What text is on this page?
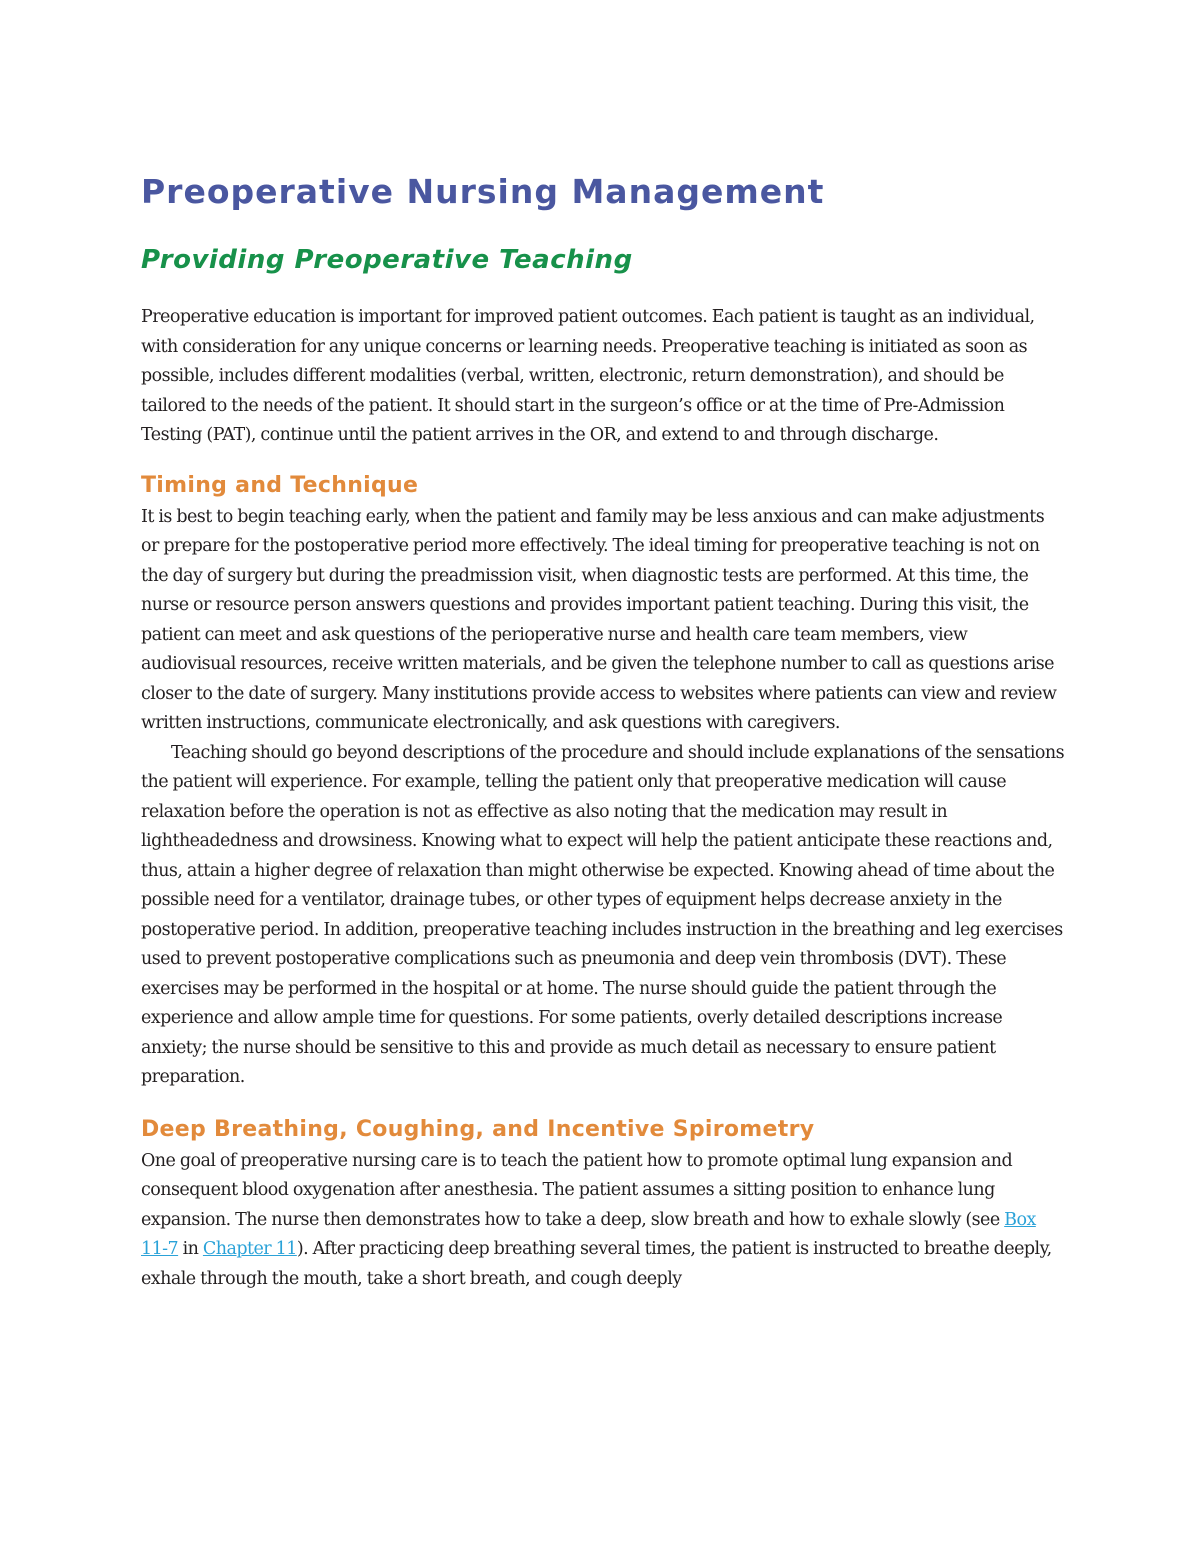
Preoperative Nursing Management
Providing Preoperative Teaching

Preoperative education is important for improved patient outcomes. Each patient is taught as an individual, with consideration for any unique concerns or learning needs. Preoperative teaching is initiated as soon as possible, includes different modalities (verbal, written, electronic, return demonstration), and should be tailored to the needs of the patient. It should start in the surgeon’s office or at the time of Pre-Admission Testing (PAT), continue until the patient arrives in the OR, and extend to and through discharge.

Timing and Technique

It is best to begin teaching early, when the patient and family may be less anxious and can make adjustments or prepare for the postoperative period more effectively. The ideal timing for preoperative teaching is not on the day of surgery but during the preadmission visit, when diagnostic tests are performed. At this time, the nurse or resource person answers questions and provides important patient teaching. During this visit, the patient can meet and ask questions of the perioperative nurse and health care team members, view audiovisual resources, receive written materials, and be given the telephone number to call as questions arise closer to the date of surgery. Many institutions provide access to websites where patients can view and review written instructions, communicate electronically, and ask questions with caregivers.

Teaching should go beyond descriptions of the procedure and should include explanations of the sensations the patient will experience. For example, telling the patient only that preoperative medication will cause relaxation before the operation is not as effective as also noting that the medication may result in lightheadedness and drowsiness. Knowing what to expect will help the patient anticipate these reactions and, thus, attain a higher degree of relaxation than might otherwise be expected. Knowing ahead of time about the possible need for a ventilator, drainage tubes, or other types of equipment helps decrease anxiety in the postoperative period. In addition, preoperative teaching includes instruction in the breathing and leg exercises used to prevent postoperative complications such as pneumonia and deep vein thrombosis (DVT). These exercises may be performed in the hospital or at home. The nurse should guide the patient through the experience and allow ample time for questions. For some patients, overly detailed descriptions increase anxiety; the nurse should be sensitive to this and provide as much detail as necessary to ensure patient preparation.

Deep Breathing, Coughing, and Incentive Spirometry

One goal of preoperative nursing care is to teach the patient how to promote optimal lung expansion and consequent blood oxygenation after anesthesia. The patient assumes a sitting position to enhance lung expansion. The nurse then demonstrates how to take a deep, slow breath and how to exhale slowly (see Box 11-7 in Chapter 11). After practicing deep breathing several times, the patient is instructed to breathe deeply, exhale through the mouth, take a short breath, and cough deeply
